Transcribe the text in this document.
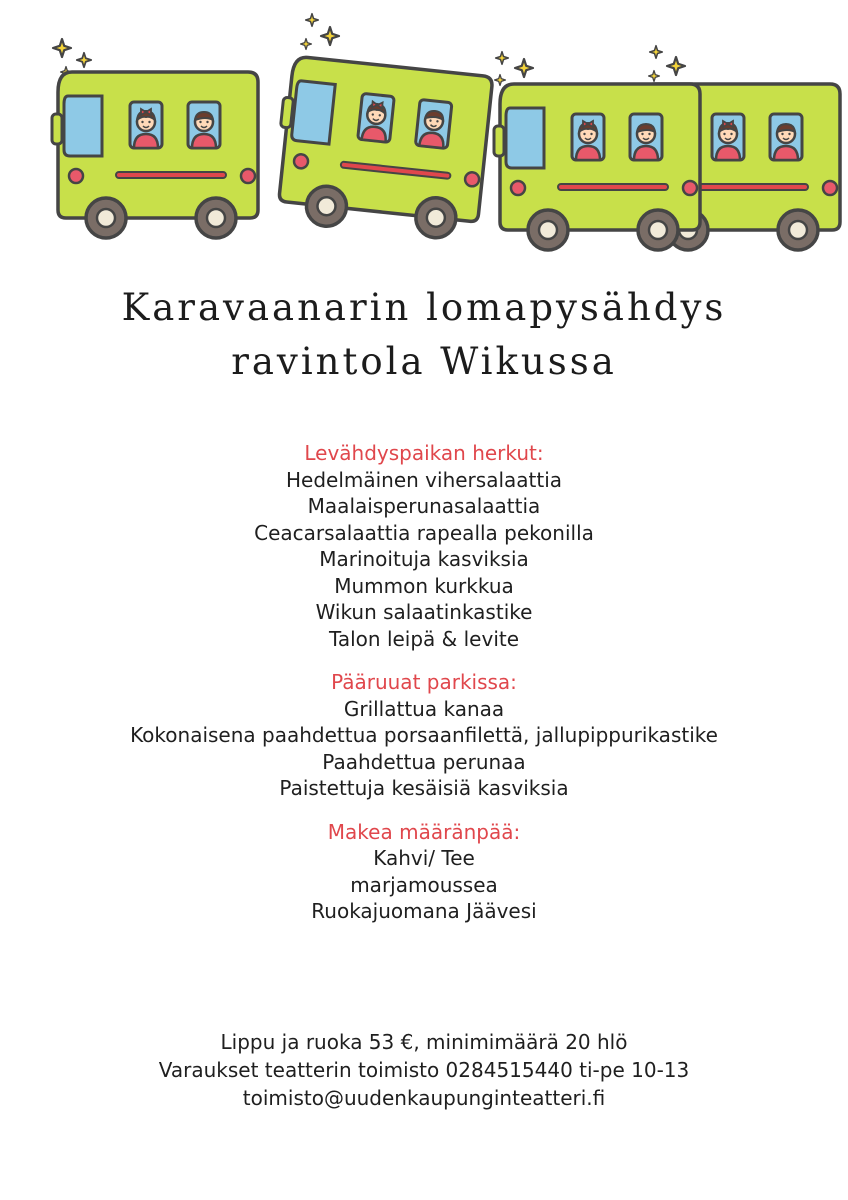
Karavaanarin lomapysähdys
ravintola Wikussa
Levähdyspaikan herkut:
Hedelmäinen vihersalaattia
Maalaisperunasalaattia
Ceacarsalaattia rapealla pekonilla
Marinoituja kasviksia
Mummon kurkkua
Wikun salaatinkastike
Talon leipä & levite
Pääruuat parkissa:
Grillattua kanaa
Kokonaisena paahdettua porsaanfilettä, jallupippurikastike
Paahdettua perunaa
Paistettuja kesäisiä kasviksia
Makea määränpää:
Kahvi/ Tee
marjamoussea
Ruokajuomana Jäävesi
Lippu ja ruoka 53 €, minimimäärä 20 hlö
Varaukset teatterin toimisto 0284515440 ti-pe 10-13
toimisto@uudenkaupunginteatteri.fi
